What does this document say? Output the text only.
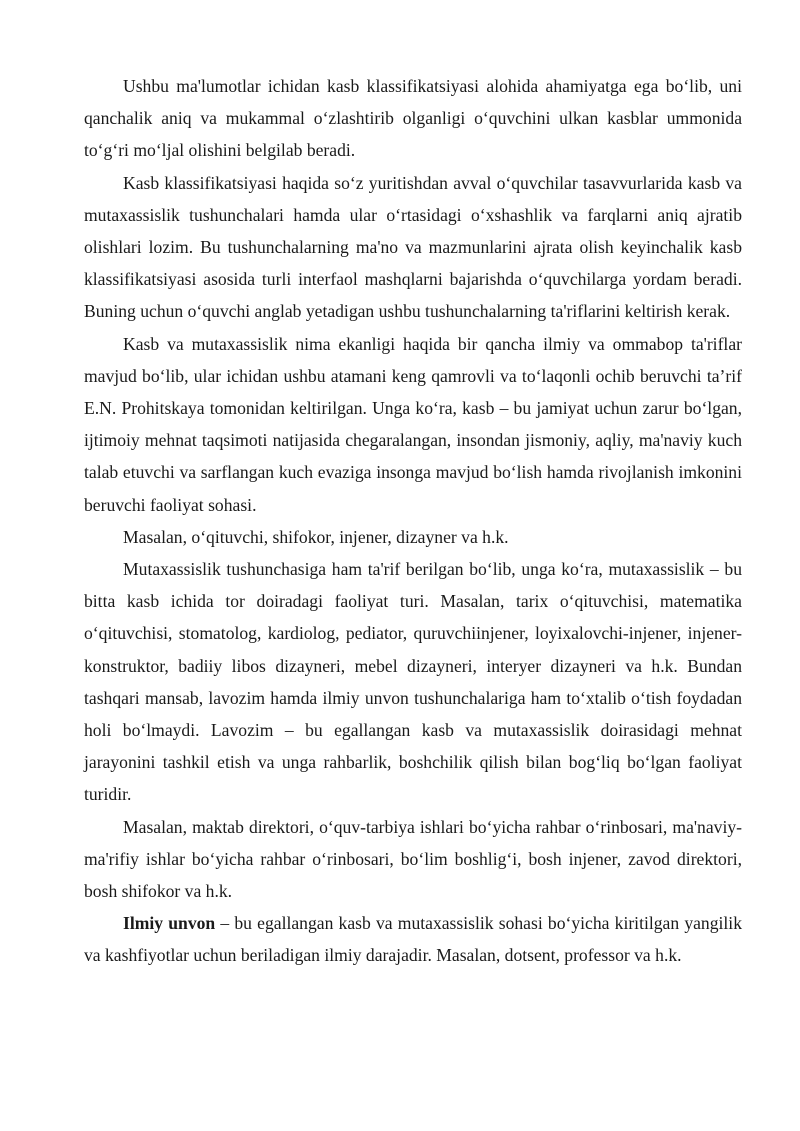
Ushbu ma'lumotlar ichidan kasb klassifikatsiyasi alohida ahamiyatga ega bo‘lib, uni qanchalik aniq va mukammal o‘zlashtirib olganligi o‘quvchini ulkan kasblar ummonida to‘g‘ri mo‘ljal olishini belgilab beradi.

Kasb klassifikatsiyasi haqida so‘z yuritishdan avval o‘quvchilar tasavvurlarida kasb va mutaxassislik tushunchalari hamda ular o‘rtasidagi o‘xshashlik va farqlarni aniq ajratib olishlari lozim. Bu tushunchalarning ma'no va mazmunlarini ajrata olish keyinchalik kasb klassifikatsiyasi asosida turli interfaol mashqlarni bajarishda o‘quvchilarga yordam beradi. Buning uchun o‘quvchi anglab yetadigan ushbu tushunchalarning ta'riflarini keltirish kerak.

Kasb va mutaxassislik nima ekanligi haqida bir qancha ilmiy va ommabop ta'riflar mavjud bo‘lib, ular ichidan ushbu atamani keng qamrovli va to‘laqonli ochib beruvchi ta’rif E.N. Prohitskaya tomonidan keltirilgan. Unga ko‘ra, kasb – bu jamiyat uchun zarur bo‘lgan, ijtimoiy mehnat taqsimoti natijasida chegaralangan, insondan jismoniy, aqliy, ma'naviy kuch talab etuvchi va sarflangan kuch evaziga insonga mavjud bo‘lish hamda rivojlanish imkonini beruvchi faoliyat sohasi.

Masalan, o‘qituvchi, shifokor, injener, dizayner va h.k.

Mutaxassislik tushunchasiga ham ta'rif berilgan bo‘lib, unga ko‘ra, mutaxassislik – bu bitta kasb ichida tor doiradagi faoliyat turi. Masalan, tarix o‘qituvchisi, matematika o‘qituvchisi, stomatolog, kardiolog, pediator, quruvchiinjener, loyixalovchi-injener, injener-konstruktor, badiiy libos dizayneri, mebel dizayneri, interyer dizayneri va h.k. Bundan tashqari mansab, lavozim hamda ilmiy unvon tushunchalariga ham to‘xtalib o‘tish foydadan holi bo‘lmaydi. Lavozim – bu egallangan kasb va mutaxassislik doirasidagi mehnat jarayonini tashkil etish va unga rahbarlik, boshchilik qilish bilan bog‘liq bo‘lgan faoliyat turidir.

Masalan, maktab direktori, o‘quv-tarbiya ishlari bo‘yicha rahbar o‘rinbosari, ma'naviy-ma'rifiy ishlar bo‘yicha rahbar o‘rinbosari, bo‘lim boshlig‘i, bosh injener, zavod direktori, bosh shifokor va h.k.

Ilmiy unvon – bu egallangan kasb va mutaxassislik sohasi bo‘yicha kiritilgan yangilik va kashfiyotlar uchun beriladigan ilmiy darajadir. Masalan, dotsent, professor va h.k.
